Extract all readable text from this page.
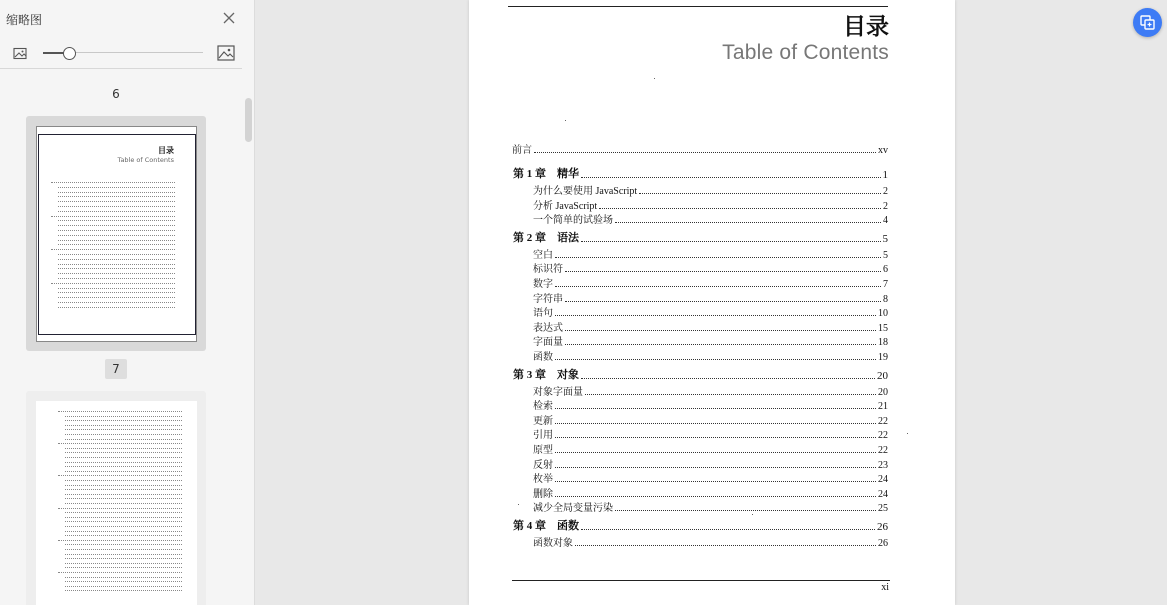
缩略图
6
目录
Table of Contents
7
目录
Table of Contents
前言	xv
第 1 章　精华	1
为什么要使用 JavaScript	2
分析 JavaScript	2
一个简单的试验场	4
第 2 章　语法	5
空白	5
标识符	6
数字	7
字符串	8
语句	10
表达式	15
字面量	18
函数	19
第 3 章　对象	20
对象字面量	20
检索	21
更新	22
引用	22
原型	22
反射	23
枚举	24
删除	24
减少全局变量污染	25
第 4 章　函数	26
函数对象	26
xi
